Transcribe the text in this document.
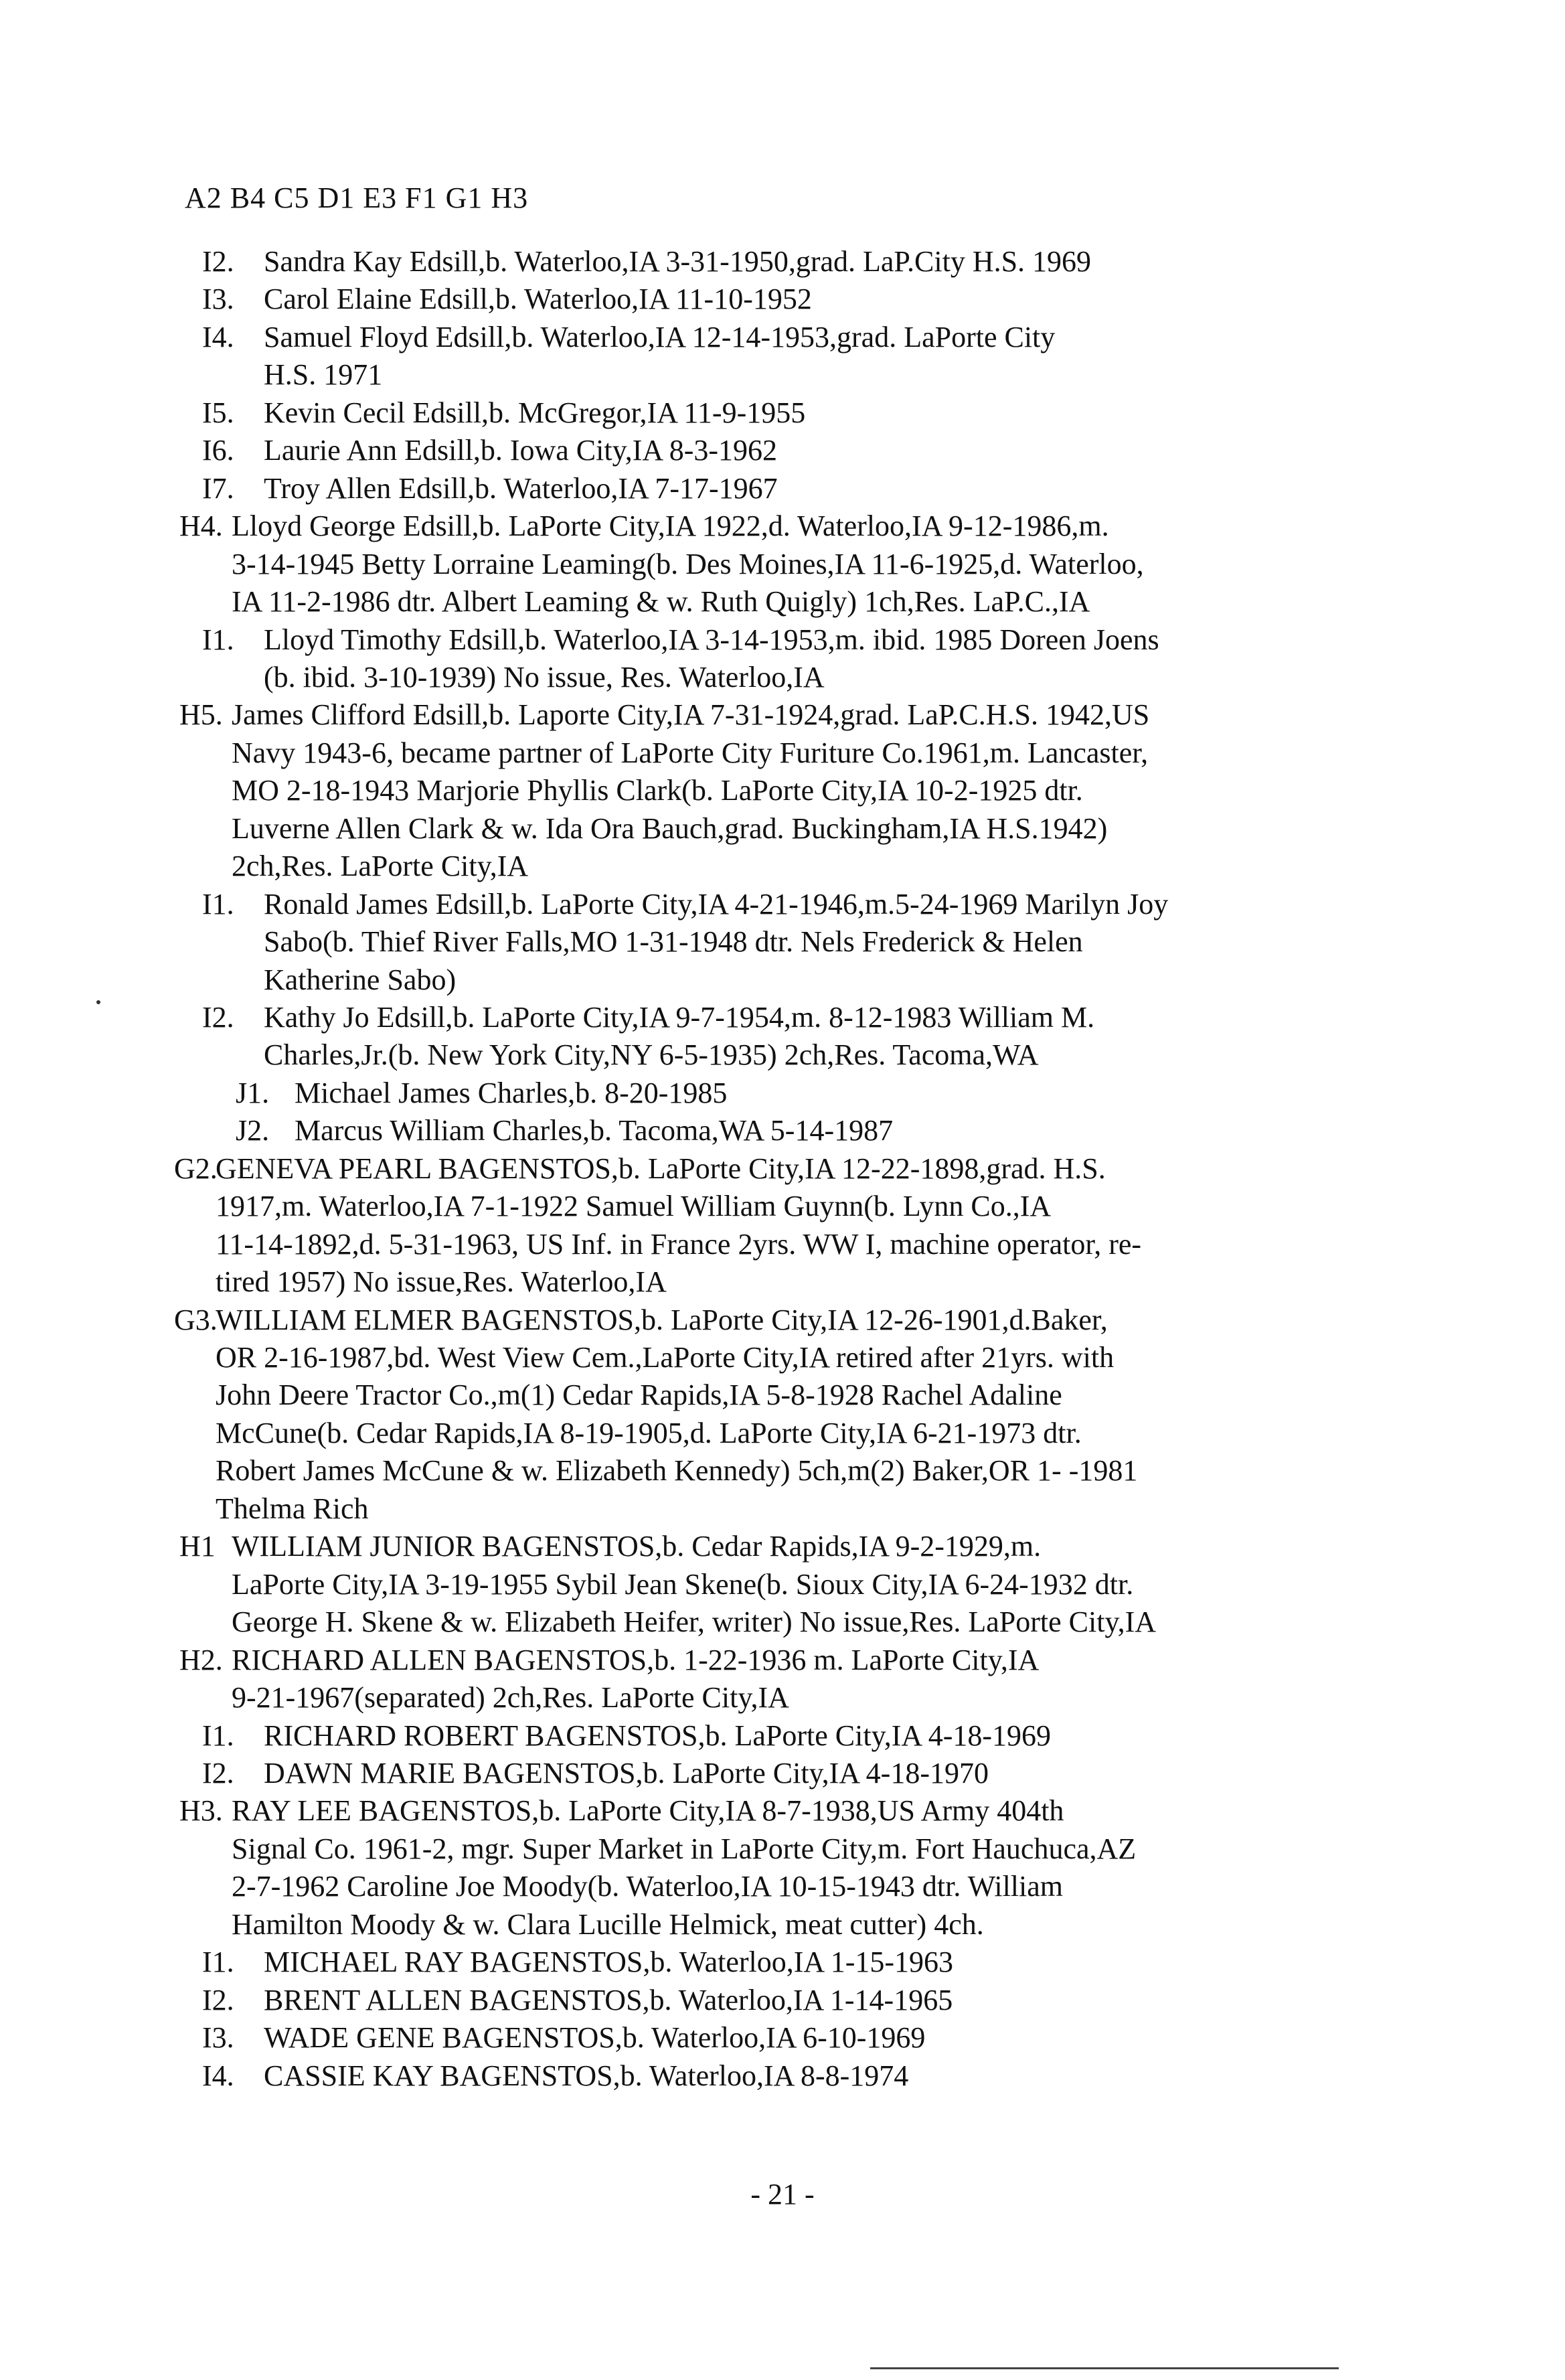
A2 B4 C5 D1 E3 F1 G1 H3
I2. Sandra Kay Edsill,b. Waterloo,IA 3-31-1950,grad. LaP.City H.S. 1969
I3. Carol Elaine Edsill,b. Waterloo,IA 11-10-1952
I4. Samuel Floyd Edsill,b. Waterloo,IA 12-14-1953,grad. LaPorte City
H.S. 1971
I5. Kevin Cecil Edsill,b. McGregor,IA 11-9-1955
I6. Laurie Ann Edsill,b. Iowa City,IA 8-3-1962
I7. Troy Allen Edsill,b. Waterloo,IA 7-17-1967
H4. Lloyd George Edsill,b. LaPorte City,IA 1922,d. Waterloo,IA 9-12-1986,m.
3-14-1945 Betty Lorraine Leaming(b. Des Moines,IA 11-6-1925,d. Waterloo,
IA 11-2-1986 dtr. Albert Leaming & w. Ruth Quigly) 1ch,Res. LaP.C.,IA
I1. Lloyd Timothy Edsill,b. Waterloo,IA 3-14-1953,m. ibid. 1985 Doreen Joens
(b. ibid. 3-10-1939) No issue, Res. Waterloo,IA
H5. James Clifford Edsill,b. Laporte City,IA 7-31-1924,grad. LaP.C.H.S. 1942,US
Navy 1943-6, became partner of LaPorte City Furiture Co.1961,m. Lancaster,
MO 2-18-1943 Marjorie Phyllis Clark(b. LaPorte City,IA 10-2-1925 dtr.
Luverne Allen Clark & w. Ida Ora Bauch,grad. Buckingham,IA H.S.1942)
2ch,Res. LaPorte City,IA
I1. Ronald James Edsill,b. LaPorte City,IA 4-21-1946,m.5-24-1969 Marilyn Joy
Sabo(b. Thief River Falls,MO 1-31-1948 dtr. Nels Frederick & Helen
Katherine Sabo)
I2. Kathy Jo Edsill,b. LaPorte City,IA 9-7-1954,m. 8-12-1983 William M.
Charles,Jr.(b. New York City,NY 6-5-1935) 2ch,Res. Tacoma,WA
J1. Michael James Charles,b. 8-20-1985
J2. Marcus William Charles,b. Tacoma,WA 5-14-1987
G2.
GENEVA PEARL BAGENSTOS,b. LaPorte City,IA 12-22-1898,grad. H.S.
1917,m. Waterloo,IA 7-1-1922 Samuel William Guynn(b. Lynn Co.,IA
11-14-1892,d. 5-31-1963, US Inf. in France 2yrs. WW I, machine operator, re-
tired 1957) No issue,Res. Waterloo,IA
G3.
WILLIAM ELMER BAGENSTOS,b. LaPorte City,IA 12-26-1901,d.Baker,
OR 2-16-1987,bd. West View Cem.,LaPorte City,IA retired after 21yrs. with
John Deere Tractor Co.,m(1) Cedar Rapids,IA 5-8-1928 Rachel Adaline
McCune(b. Cedar Rapids,IA 8-19-1905,d. LaPorte City,IA 6-21-1973 dtr.
Robert James McCune & w. Elizabeth Kennedy) 5ch,m(2) Baker,OR 1- -1981
Thelma Rich
H1 WILLIAM JUNIOR BAGENSTOS,b. Cedar Rapids,IA 9-2-1929,m.
LaPorte City,IA 3-19-1955 Sybil Jean Skene(b. Sioux City,IA 6-24-1932 dtr.
George H. Skene & w. Elizabeth Heifer, writer) No issue,Res. LaPorte City,IA
H2. RICHARD ALLEN BAGENSTOS,b. 1-22-1936 m. LaPorte City,IA
9-21-1967(separated) 2ch,Res. LaPorte City,IA
I1. RICHARD ROBERT BAGENSTOS,b. LaPorte City,IA 4-18-1969
I2. DAWN MARIE BAGENSTOS,b. LaPorte City,IA 4-18-1970
H3. RAY LEE BAGENSTOS,b. LaPorte City,IA 8-7-1938,US Army 404th
Signal Co. 1961-2, mgr. Super Market in LaPorte City,m. Fort Hauchuca,AZ
2-7-1962 Caroline Joe Moody(b. Waterloo,IA 10-15-1943 dtr. William
Hamilton Moody & w. Clara Lucille Helmick, meat cutter) 4ch.
I1. MICHAEL RAY BAGENSTOS,b. Waterloo,IA 1-15-1963
I2. BRENT ALLEN BAGENSTOS,b. Waterloo,IA 1-14-1965
I3. WADE GENE BAGENSTOS,b. Waterloo,IA 6-10-1969
I4. CASSIE KAY BAGENSTOS,b. Waterloo,IA 8-8-1974
- 21 -
